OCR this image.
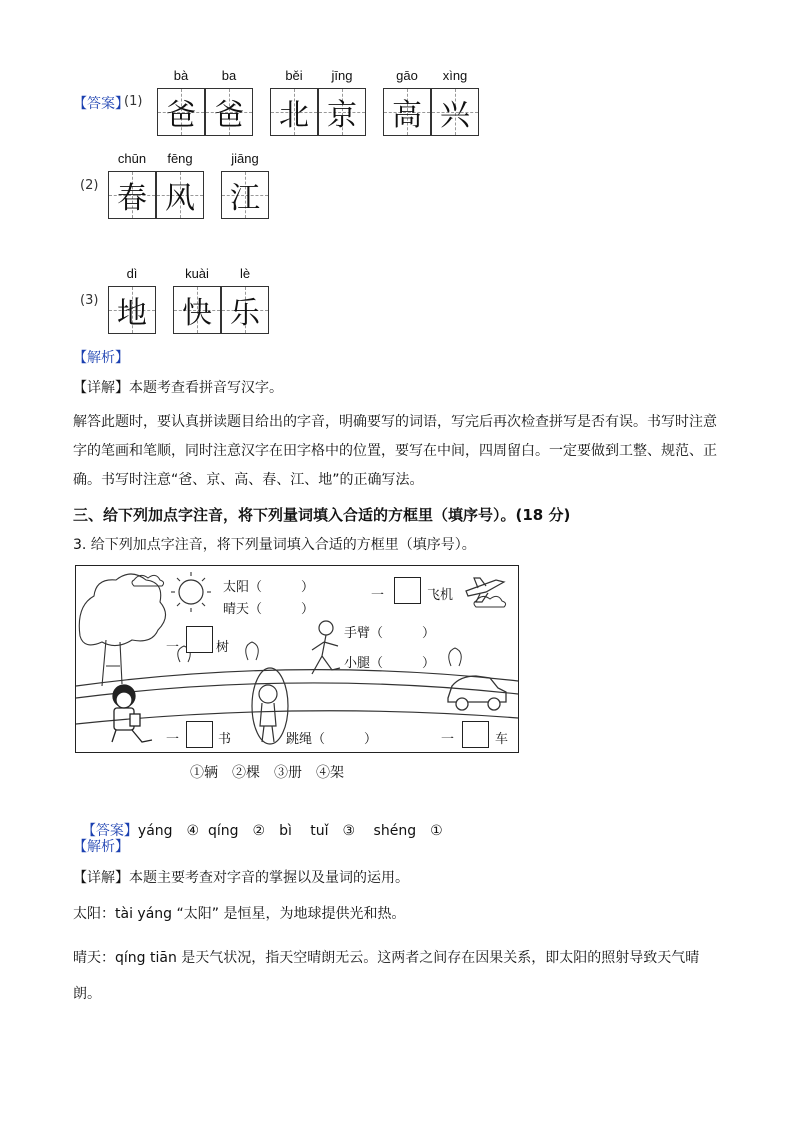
【答案】
(1)
bà
爸
ba
爸
běi
北
jīng
京
gāo
高
xìng
兴
(2)
chūn
春
fēng
风
jiāng
江
(3)
dì
地
kuài
快
lè
乐
【解析】
【详解】本题考查看拼音写汉字。
解答此题时，要认真拼读题目给出的字音，明确要写的词语，写完后再次检查拼写是否有误。书写时注意字的笔画和笔顺，同时注意汉字在田字格中的位置，要写在中间，四周留白。一定要做到工整、规范、正确。书写时注意“爸、京、高、春、江、地”的正确写法。
三、给下列加点字注音，将下列量词填入合适的方框里（填序号）。(18 分)
3. 给下列加点字注音，将下列量词填入合适的方框里（填序号）。
太阳（　　　）
晴天（　　　）
一	飞机
一	树
手臂（　　　）
小腿（　　　）
一	书	跳绳（　　　）	一	车
①辆　②棵　③册　④架

【答案】yáng　④  qíng　②　bì　 tuǐ　③　 shéng　①

【解析】
【详解】本题主要考查对字音的掌握以及量词的运用。
太阳：tài yáng “太阳” 是恒星，为地球提供光和热。
晴天：qíng tiān 是天气状况，指天空晴朗无云。这两者之间存在因果关系，即太阳的照射导致天气晴朗。
